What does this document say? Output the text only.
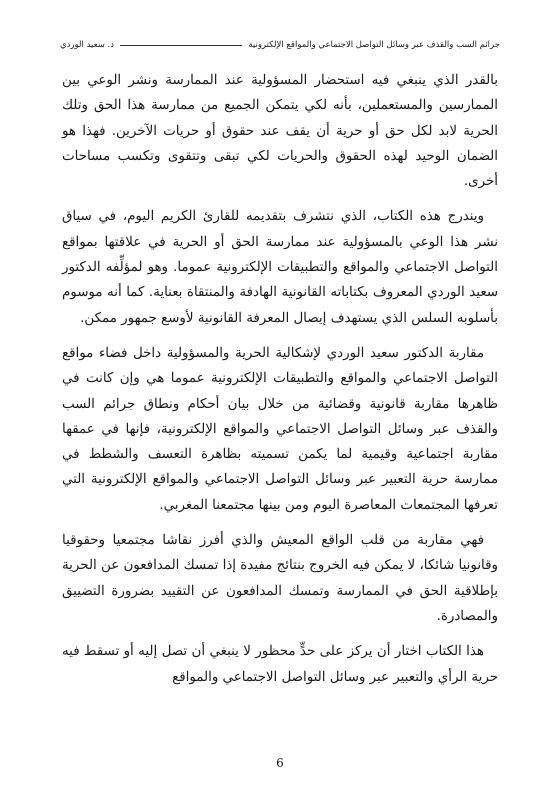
جرائم السب والقذف عبر وسائل التواصل الاجتماعي والمواقع الإلكترونية
د. سعيد الوردي

بالقدر الذي ينبغي فيه استحضار المسؤولية عند الممارسة ونشر الوعي بين الممارسين والمستعملين، بأنه لكي يتمكن الجميع من ممارسة هذا الحق وتلك الحرية لابد لكل حق أو حرية أن يقف عند حقوق أو حريات الآخرين. فهذا هو الضمان الوحيد لهذه الحقوق والحريات لكي تبقى وتتقوى وتكسب مساحات أخرى.

ويندرج هذه الكتاب، الذي نتشرف بتقديمه للقارئ الكريم اليوم، في سياق نشر هذا الوعي بالمسؤولية عند ممارسة الحق أو الحرية في علاقتها بمواقع التواصل الاجتماعي والمواقع والتطبيقات الإلكترونية عموما. وهو لمؤلِّفه الدكتور سعيد الوردي المعروف بكتاباته القانونية الهادفة والمنتقاة بعناية. كما أنه موسوم بأسلوبه السلس الذي يستهدف إيصال المعرفة القانونية لأوسع جمهور ممكن.

مقاربة الدكتور سعيد الوردي لإشكالية الحرية والمسؤولية داخل فضاء مواقع التواصل الاجتماعي والمواقع والتطبيقات الإلكترونية عموما هي وإن كانت في ظاهرها مقاربة قانونية وقضائية من خلال بيان أحكام ونطاق جرائم السب والقذف عبر وسائل التواصل الاجتماعي والمواقع الإلكترونية، فإنها في عمقها مقاربة اجتماعية وقيمية لما يكمن تسميته بظاهرة التعسف والشطط في ممارسة حرية التعبير عبر وسائل التواصل الاجتماعي والمواقع الإلكترونية التي تعرفها المجتمعات المعاصرة اليوم ومن بينها مجتمعنا المغربي.

فهي مقاربة من قلب الواقع المعيش والذي أفرز نقاشا مجتمعيا وحقوقيا وقانونيا شائكا، لا يمكن فيه الخروج بنتائج مفيدة إذا تمسك المدافعون عن الحرية بإطلاقية الحق في الممارسة وتمسك المدافعون عن التقييد بضرورة التضييق والمصادرة.

هذا الكتاب اختار أن يركز على حدٍّ محظور لا ينبغي أن تصل إليه أو تسقط فيه حرية الرأي والتعبير عبر وسائل التواصل الاجتماعي والمواقع

6
